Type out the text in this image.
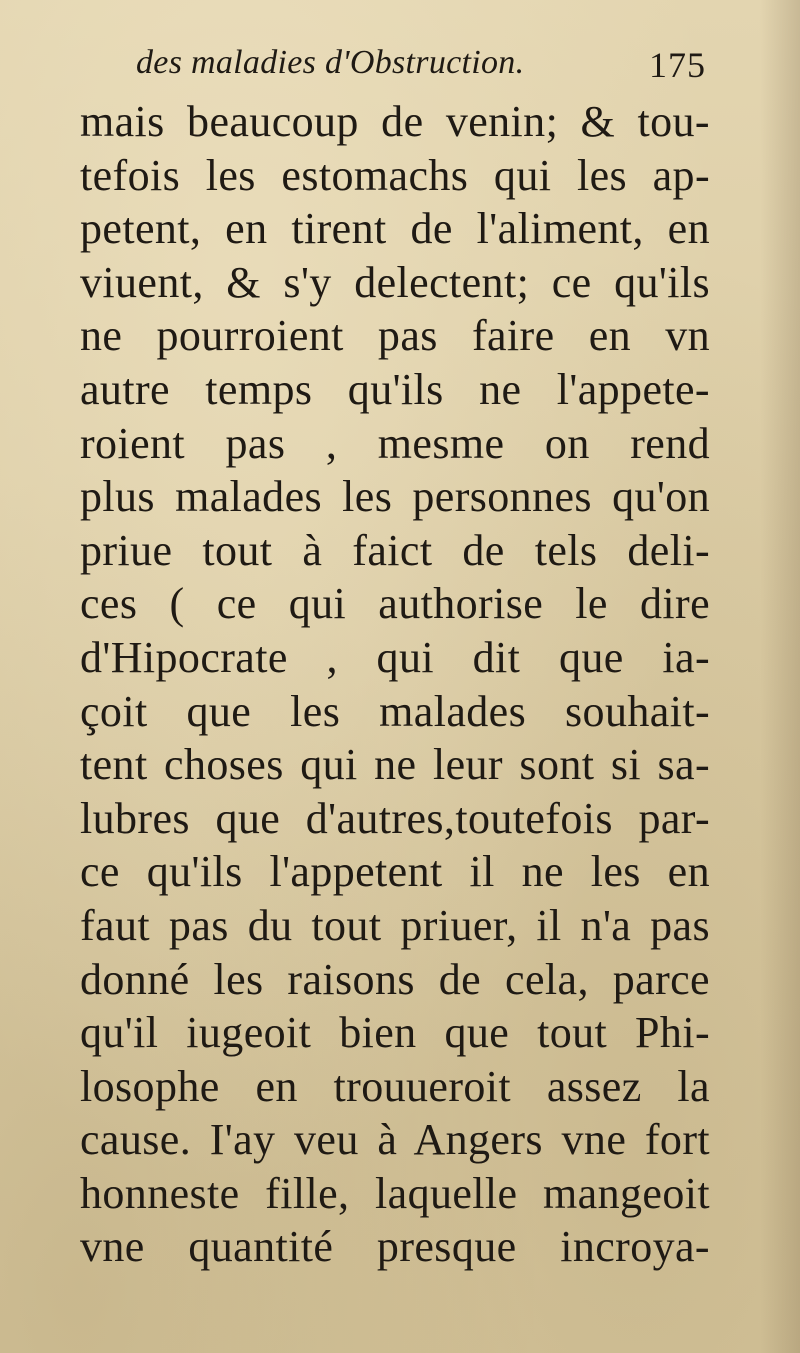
des maladies d'Obstruction.	175
mais beaucoup de venin; & tou-
tefois les estomachs qui les ap-
petent, en tirent de l'aliment, en
viuent, & s'y delectent; ce qu'ils
ne pourroient pas faire en vn
autre temps qu'ils ne l'appete-
roient pas , mesme on rend
plus malades les personnes qu'on
priue tout à faict de tels deli-
ces ( ce qui authorise le dire
d'Hipocrate , qui dit que ia-
çoit que les malades souhait-
tent choses qui ne leur sont si sa-
lubres que d'autres,toutefois par-
ce qu'ils l'appetent il ne les en
faut pas du tout priuer, il n'a pas
donné les raisons de cela, parce
qu'il iugeoit bien que tout Phi-
losophe en trouueroit assez la
cause. I'ay veu à Angers vne fort
honneste fille, laquelle mangeoit
vne quantité presque incroya-
